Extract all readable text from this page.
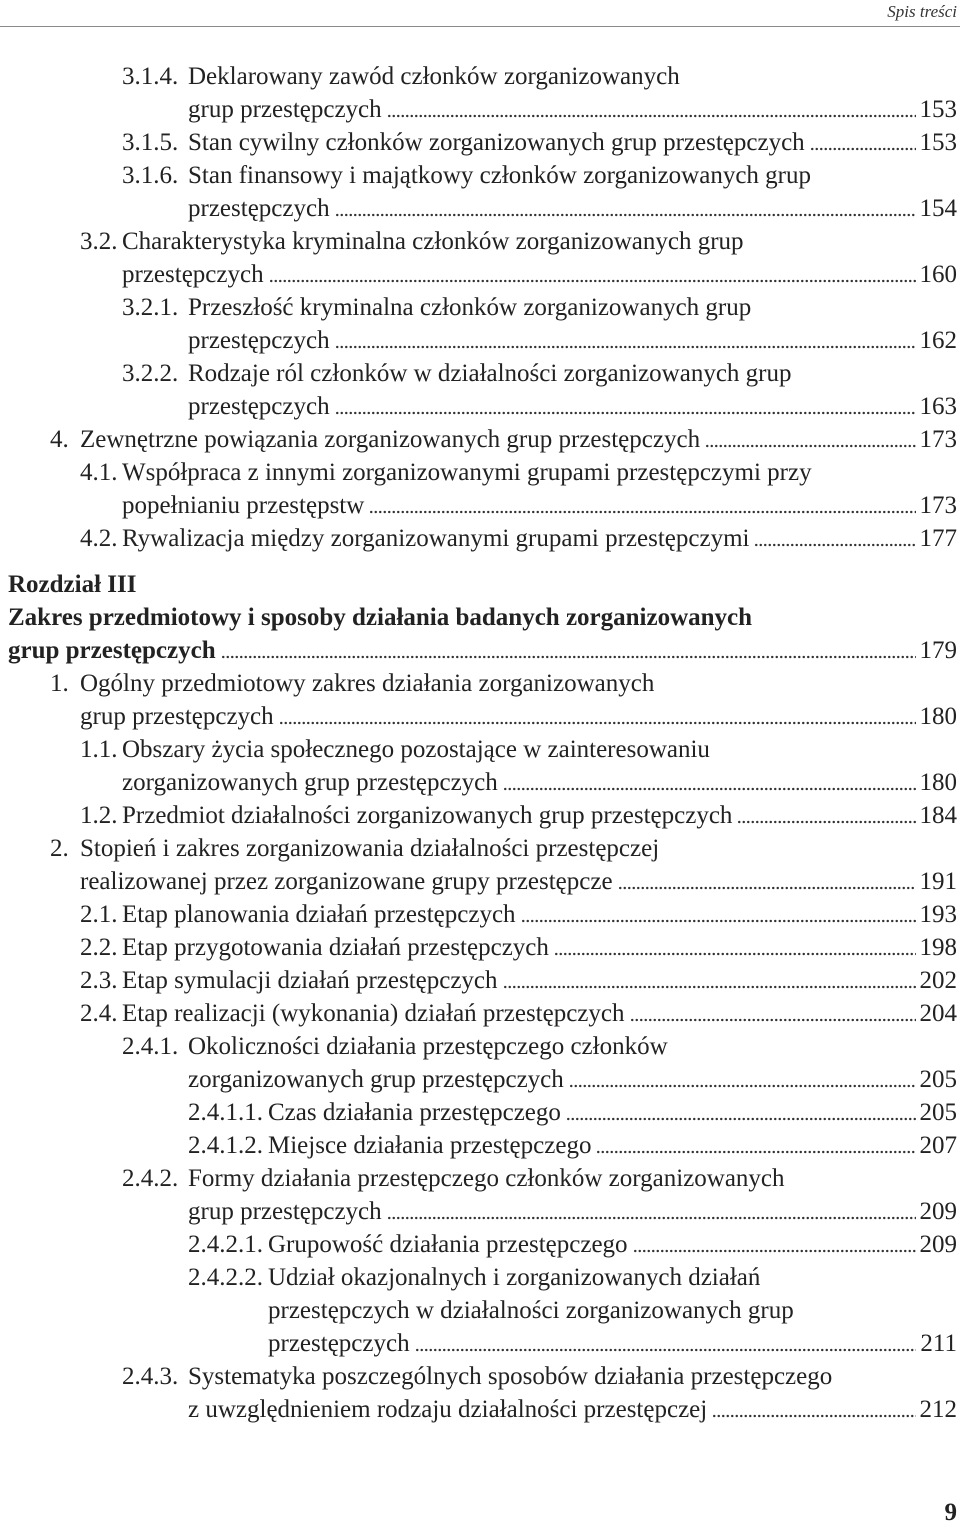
Spis treści
3.1.4. Deklarowany zawód członków zorganizowanych
grup przestępczych	153
3.1.5. Stan cywilny członków zorganizowanych grup przestępczych	153
3.1.6. Stan finansowy i majątkowy członków zorganizowanych grup
przestępczych	154
3.2. Charakterystyka kryminalna członków zorganizowanych grup
przestępczych	160
3.2.1. Przeszłość kryminalna członków zorganizowanych grup
przestępczych	162
3.2.2. Rodzaje ról członków w działalności zorganizowanych grup
przestępczych	163
4. Zewnętrzne powiązania zorganizowanych grup przestępczych	173
4.1. Współpraca z innymi zorganizowanymi grupami przestępczymi przy
popełnianiu przestępstw	173
4.2. Rywalizacja między zorganizowanymi grupami przestępczymi	177
Rozdział III
Zakres przedmiotowy i sposoby działania badanych zorganizowanych
grup przestępczych	179
1. Ogólny przedmiotowy zakres działania zorganizowanych
grup przestępczych	180
1.1. Obszary życia społecznego pozostające w zainteresowaniu
zorganizowanych grup przestępczych	180
1.2. Przedmiot działalności zorganizowanych grup przestępczych	184
2. Stopień i zakres zorganizowania działalności przestępczej
realizowanej przez zorganizowane grupy przestępcze	191
2.1. Etap planowania działań przestępczych	193
2.2. Etap przygotowania działań przestępczych	198
2.3. Etap symulacji działań przestępczych	202
2.4. Etap realizacji (wykonania) działań przestępczych	204
2.4.1. Okoliczności działania przestępczego członków
zorganizowanych grup przestępczych	205
2.4.1.1. Czas działania przestępczego	205
2.4.1.2. Miejsce działania przestępczego	207
2.4.2. Formy działania przestępczego członków zorganizowanych
grup przestępczych	209
2.4.2.1. Grupowość działania przestępczego	209
2.4.2.2. Udział okazjonalnych i zorganizowanych działań
przestępczych w działalności zorganizowanych grup
przestępczych	211
2.4.3. Systematyka poszczególnych sposobów działania przestępczego
z uwzględnieniem rodzaju działalności przestępczej	212
9
